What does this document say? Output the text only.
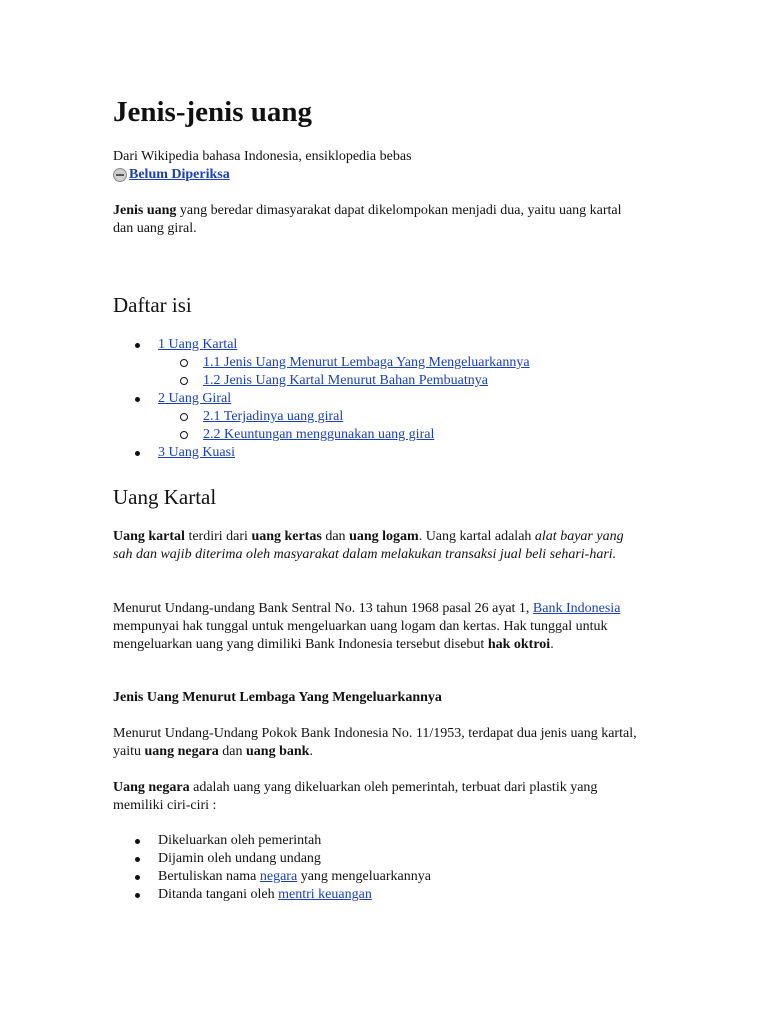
Jenis-jenis uang
Dari Wikipedia bahasa Indonesia, ensiklopedia bebas
Belum Diperiksa

Jenis uang yang beredar dimasyarakat dapat dikelompokan menjadi dua, yaitu uang kartal dan uang giral.

Daftar isi
1 Uang Kartal
1.1 Jenis Uang Menurut Lembaga Yang Mengeluarkannya
1.2 Jenis Uang Kartal Menurut Bahan Pembuatnya
2 Uang Giral
2.1 Terjadinya uang giral
2.2 Keuntungan menggunakan uang giral
3 Uang Kuasi
Uang Kartal

Uang kartal terdiri dari uang kertas dan uang logam. Uang kartal adalah alat bayar yang sah dan wajib diterima oleh masyarakat dalam melakukan transaksi jual beli sehari-hari.

Menurut Undang-undang Bank Sentral No. 13 tahun 1968 pasal 26 ayat 1, Bank Indonesia mempunyai hak tunggal untuk mengeluarkan uang logam dan kertas. Hak tunggal untuk mengeluarkan uang yang dimiliki Bank Indonesia tersebut disebut hak oktroi.

Jenis Uang Menurut Lembaga Yang Mengeluarkannya

Menurut Undang-Undang Pokok Bank Indonesia No. 11/1953, terdapat dua jenis uang kartal, yaitu uang negara dan uang bank.

Uang negara adalah uang yang dikeluarkan oleh pemerintah, terbuat dari plastik yang memiliki ciri-ciri :

Dikeluarkan oleh pemerintah
Dijamin oleh undang undang
Bertuliskan nama negara yang mengeluarkannya
Ditanda tangani oleh mentri keuangan
